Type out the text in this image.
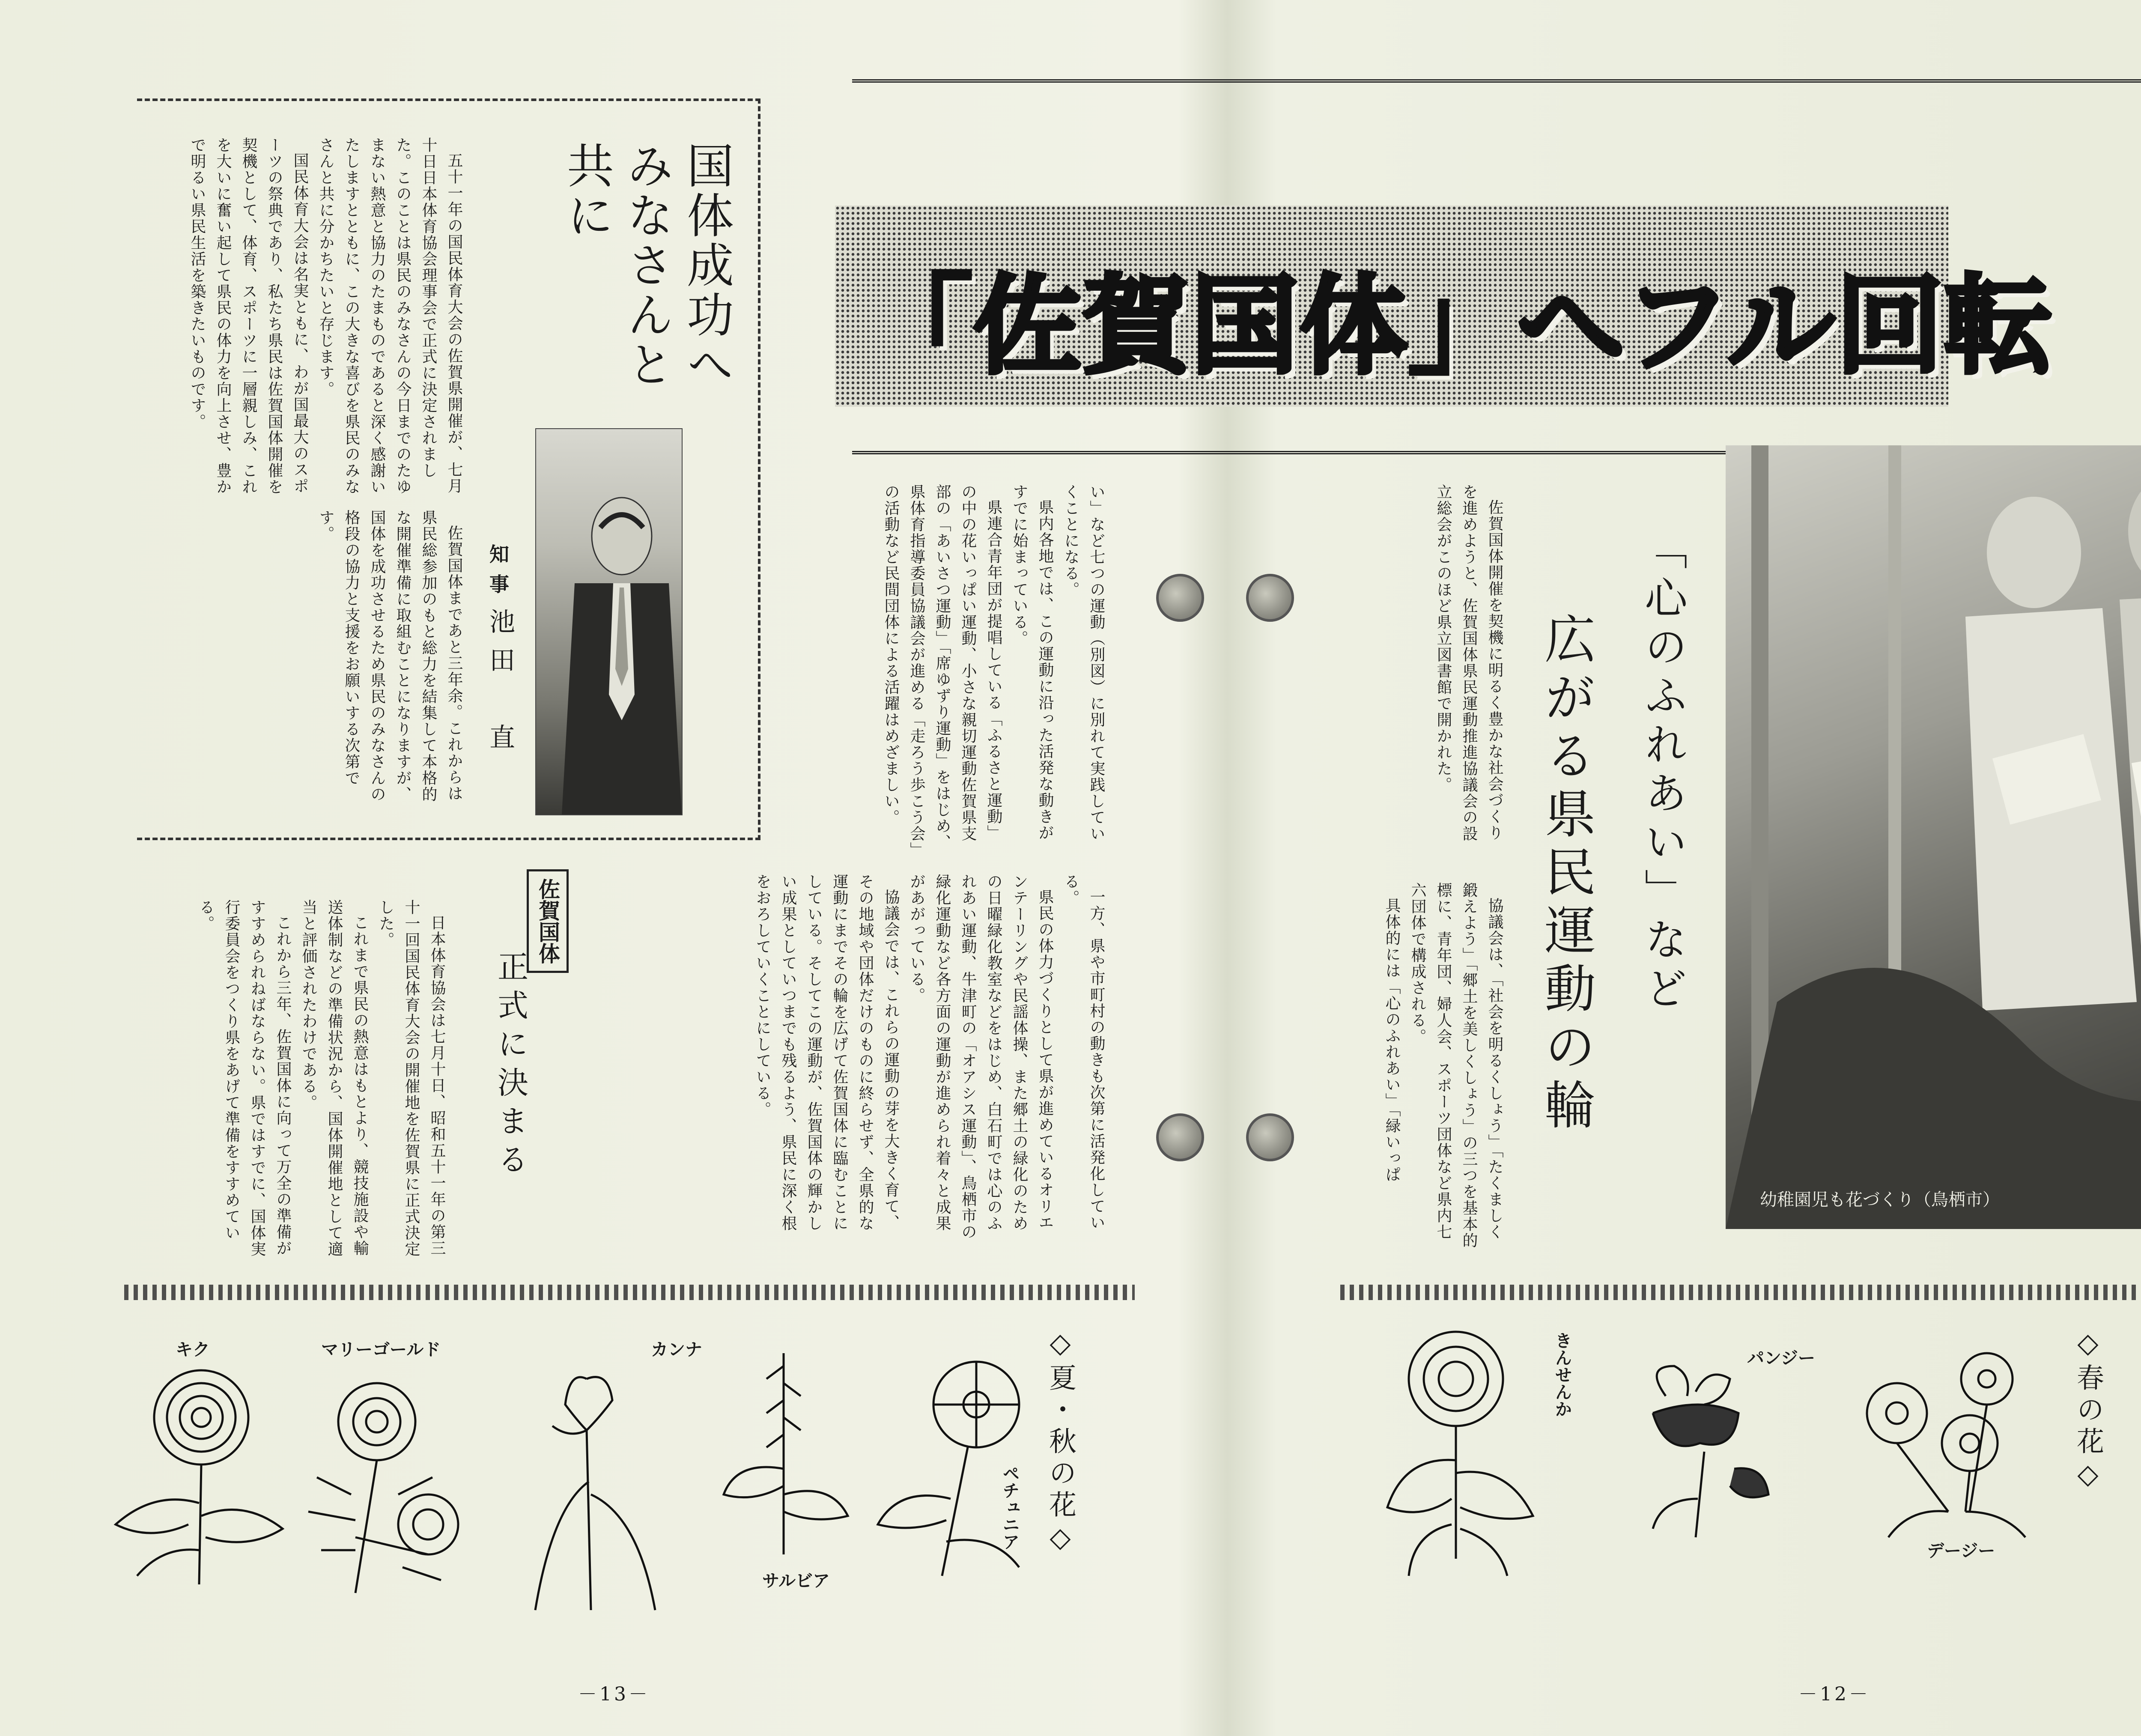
国体成功へ
みなさんと
共に
知事
池田　直

五十一年の国民体育大会の佐賀県開催が、七月十日日本体育協会理事会で正式に決定されました。このことは県民のみなさんの今日までのたゆまない熱意と協力のたまものであると深く感謝いたしますとともに、この大きな喜びを県民のみなさんと共に分かちたいと存じます。

国民体育大会は名実ともに、わが国最大のスポーツの祭典であり、私たち県民は佐賀国体開催を契機として、体育、スポーツに一層親しみ、これを大いに奮い起して県民の体力を向上させ、豊かで明るい県民生活を築きたいものです。

佐賀国体まであと三年余。これからは県民総参加のもと総力を結集して本格的な開催準備に取組むことになりますが、国体を成功させるため県民のみなさんの格段の協力と支援をお願いする次第です。

佐賀国体
正式に決まる

日本体育協会は七月十日、昭和五十一年の第三十一回国民体育大会の開催地を佐賀県に正式決定した。

これまで県民の熱意はもとより、競技施設や輸送体制などの準備状況から、国体開催地として適当と評価されたわけである。

これから三年、佐賀国体に向って万全の準備がすすめられねばならない。県ではすでに、国体実行委員会をつくり県をあげて準備をすすめている。

い」など七つの運動（別図）に別れて実践していくことになる。

県内各地では、この運動に沿った活発な動きがすでに始まっている。

県連合青年団が提唱している「ふるさと運動」の中の花いっぱい運動、小さな親切運動佐賀県支部の「あいさつ運動」「席ゆずり運動」をはじめ、県体育指導委員協議会が進める「走ろう歩こう会」の活動など民間団体による活躍はめざましい。

一方、県や市町村の動きも次第に活発化している。

県民の体力づくりとして県が進めているオリエンテーリングや民謡体操、また郷土の緑化のための日曜緑化教室などをはじめ、白石町では心のふれあい運動、牛津町の「オアシス運動」、鳥栖市の緑化運動など各方面の運動が進められ着々と成果があがっている。

協議会では、これらの運動の芽を大きく育て、その地域や団体だけのものに終らせず、全県的な運動にまでその輪を広げて佐賀国体に臨むことにしている。そしてこの運動が、佐賀国体の輝かしい成果としていつまでも残るよう、県民に深く根をおろしていくことにしている。

◇夏・秋の花◇
キク	マリーゴールド	カンナ
サルビア
ペチュニア
－13－
「佐賀国体」へフル回転
「心のふれあい」など
広がる県民運動の輪

佐賀国体開催を契機に明るく豊かな社会づくりを進めようと、佐賀国体県民運動推進協議会の設立総会がこのほど県立図書館で開かれた。

協議会は、「社会を明るくしょう」「たくましく鍛えよう」「郷土を美しくしょう」の三つを基本的標に、青年団、婦人会、スポーツ団体など県内七六団体で構成される。

具体的には「心のふれあい」「緑いっぱ

幼稚園児も花づくり（鳥栖市）

◇春の花◇
きんせんか	パンジー
デージー
－12－
